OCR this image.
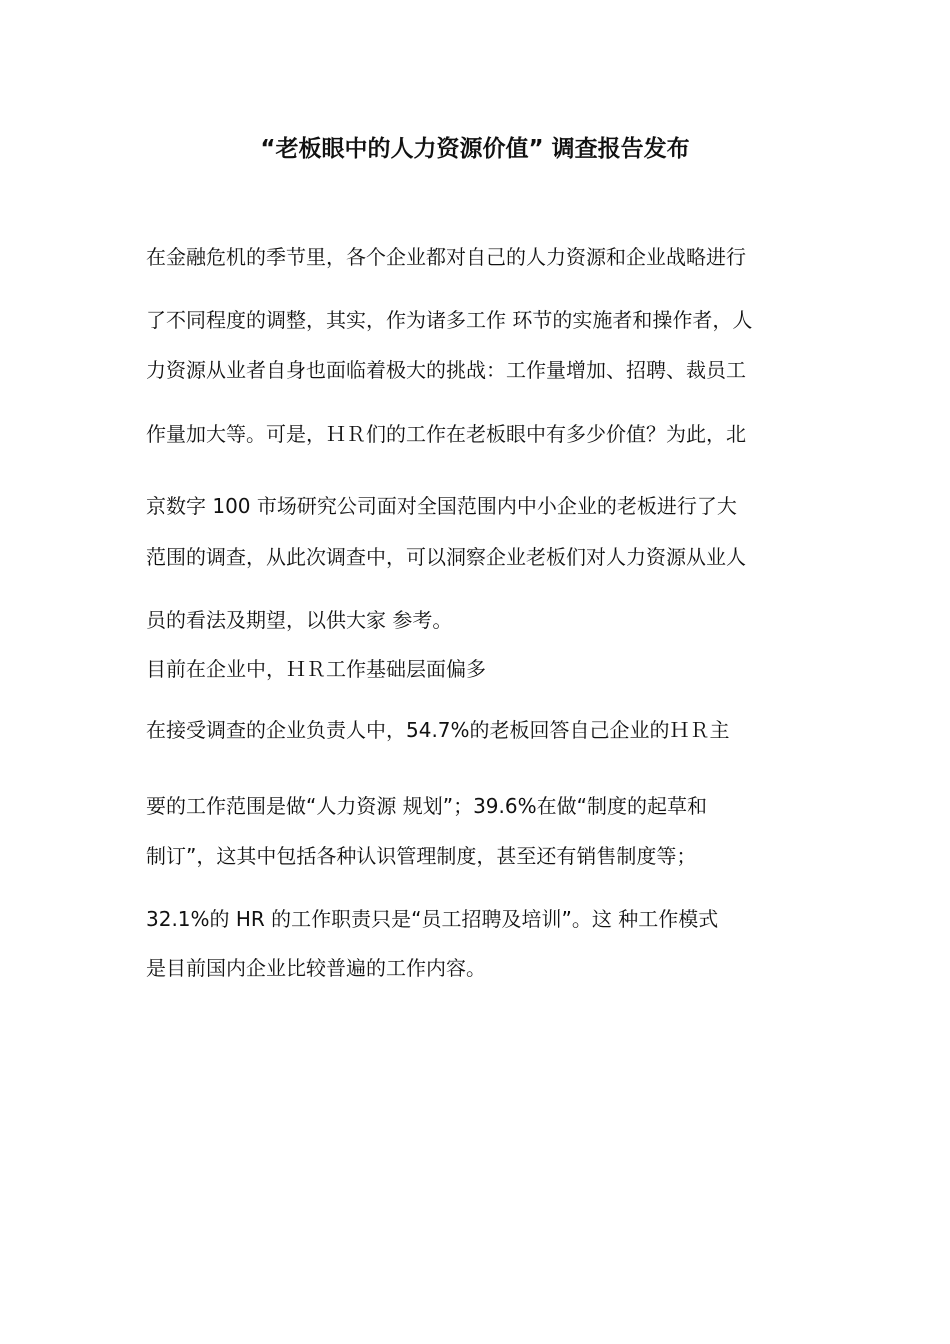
“老板眼中的人力资源价值” 调查报告发布
在金融危机的季节里，各个企业都对自己的人力资源和企业战略进行
了不同程度的调整，其实，作为诸多工作 环节的实施者和操作者，人
力资源从业者自身也面临着极大的挑战：工作量增加、招聘、裁员工
作量加大等。可是，ＨＲ们的工作在老板眼中有多少价值？为此，北
京数字 100 市场研究公司面对全国范围内中小企业的老板进行了大
范围的调查，从此次调查中，可以洞察企业老板们对人力资源从业人
员的看法及期望，以供大家 参考。
目前在企业中，ＨＲ工作基础层面偏多
在接受调查的企业负责人中，54.7%的老板回答自己企业的ＨＲ主
要的工作范围是做“人力资源 规划”；39.6%在做“制度的起草和
制订”，这其中包括各种认识管理制度，甚至还有销售制度等；
32.1%的 HR 的工作职责只是“员工招聘及培训”。这 种工作模式
是目前国内企业比较普遍的工作内容。
